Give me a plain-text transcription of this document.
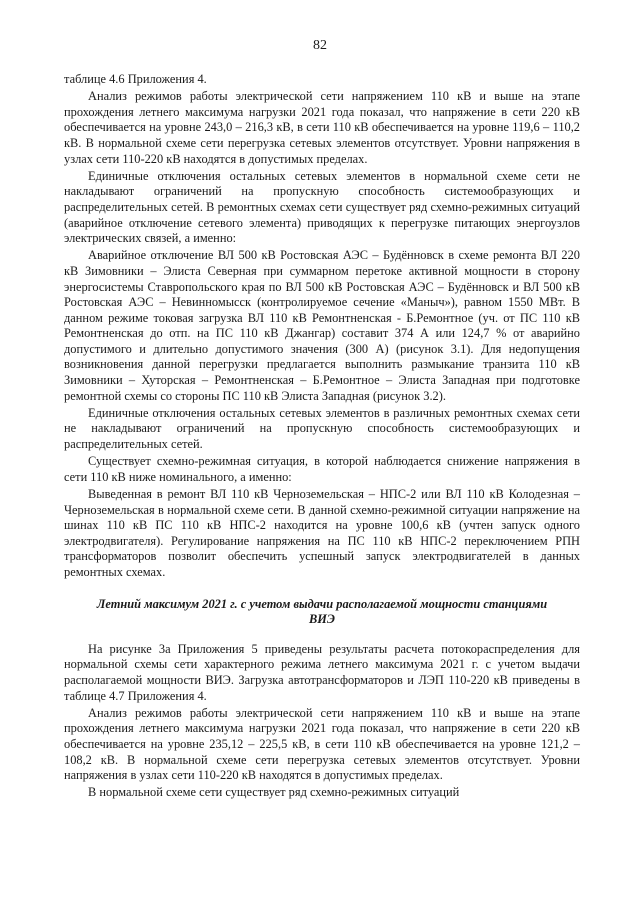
82

таблице 4.6 Приложения 4.

Анализ режимов работы электрической сети напряжением 110 кВ и выше на этапе прохождения летнего максимума нагрузки 2021 года показал, что напряжение в сети 220 кВ обеспечивается на уровне 243,0 – 216,3 кВ, в сети 110 кВ обеспечивается на уровне 119,6 – 110,2 кВ. В нормальной схеме сети перегрузка сетевых элементов отсутствует. Уровни напряжения в узлах сети 110-220 кВ находятся в допустимых пределах.

Единичные отключения остальных сетевых элементов в нормальной схеме сети не накладывают ограничений на пропускную способность системообразующих и распределительных сетей. В ремонтных схемах сети существует ряд схемно-режимных ситуаций (аварийное отключение сетевого элемента) приводящих к перегрузке питающих энергоузлов электрических связей, а именно:

Аварийное отключение ВЛ 500 кВ Ростовская АЭС – Будённовск в схеме ремонта ВЛ 220 кВ Зимовники – Элиста Северная при суммарном перетоке активной мощности в сторону энергосистемы Ставропольского края по ВЛ 500 кВ Ростовская АЭС – Будённовск и ВЛ 500 кВ Ростовская АЭС – Невинномысск (контролируемое сечение «Маныч»), равном 1550 МВт. В данном режиме токовая загрузка ВЛ 110 кВ Ремонтненская - Б.Ремонтное (уч. от ПС 110 кВ Ремонтненская до отп. на ПС 110 кВ Джангар) составит 374 А или 124,7 % от аварийно допустимого и длительно допустимого значения (300 А) (рисунок 3.1). Для недопущения возникновения данной перегрузки предлагается выполнить размыкание транзита 110 кВ Зимовники – Хуторская – Ремонтненская – Б.Ремонтное – Элиста Западная при подготовке ремонтной схемы со стороны ПС 110 кВ Элиста Западная (рисунок 3.2).

Единичные отключения остальных сетевых элементов в различных ремонтных схемах сети не накладывают ограничений на пропускную способность системообразующих и распределительных сетей.

Существует схемно-режимная ситуация, в которой наблюдается снижение напряжения в сети 110 кВ ниже номинального, а именно:

Выведенная в ремонт ВЛ 110 кВ Черноземельская – НПС-2 или ВЛ 110 кВ Колодезная – Черноземельская в нормальной схеме сети. В данной схемно-режимной ситуации напряжение на шинах 110 кВ ПС 110 кВ НПС-2 находится на уровне 100,6 кВ (учтен запуск одного электродвигателя). Регулирование напряжения на ПС 110 кВ НПС-2 переключением РПН трансформаторов позволит обеспечить успешный запуск электродвигателей в данных ремонтных схемах.

Летний максимум 2021 г. с учетом выдачи располагаемой мощности станциями ВИЭ

На рисунке 3а Приложения 5 приведены результаты расчета потокораспределения для нормальной схемы сети характерного режима летнего максимума 2021 г. с учетом выдачи располагаемой мощности ВИЭ. Загрузка автотрансформаторов и ЛЭП 110-220 кВ приведены в таблице 4.7 Приложения 4.

Анализ режимов работы электрической сети напряжением 110 кВ и выше на этапе прохождения летнего максимума нагрузки 2021 года показал, что напряжение в сети 220 кВ обеспечивается на уровне 235,12 – 225,5 кВ, в сети 110 кВ обеспечивается на уровне 121,2 – 108,2 кВ. В нормальной схеме сети перегрузка сетевых элементов отсутствует. Уровни напряжения в узлах сети 110-220 кВ находятся в допустимых пределах.

В нормальной схеме сети существует ряд схемно-режимных ситуаций
